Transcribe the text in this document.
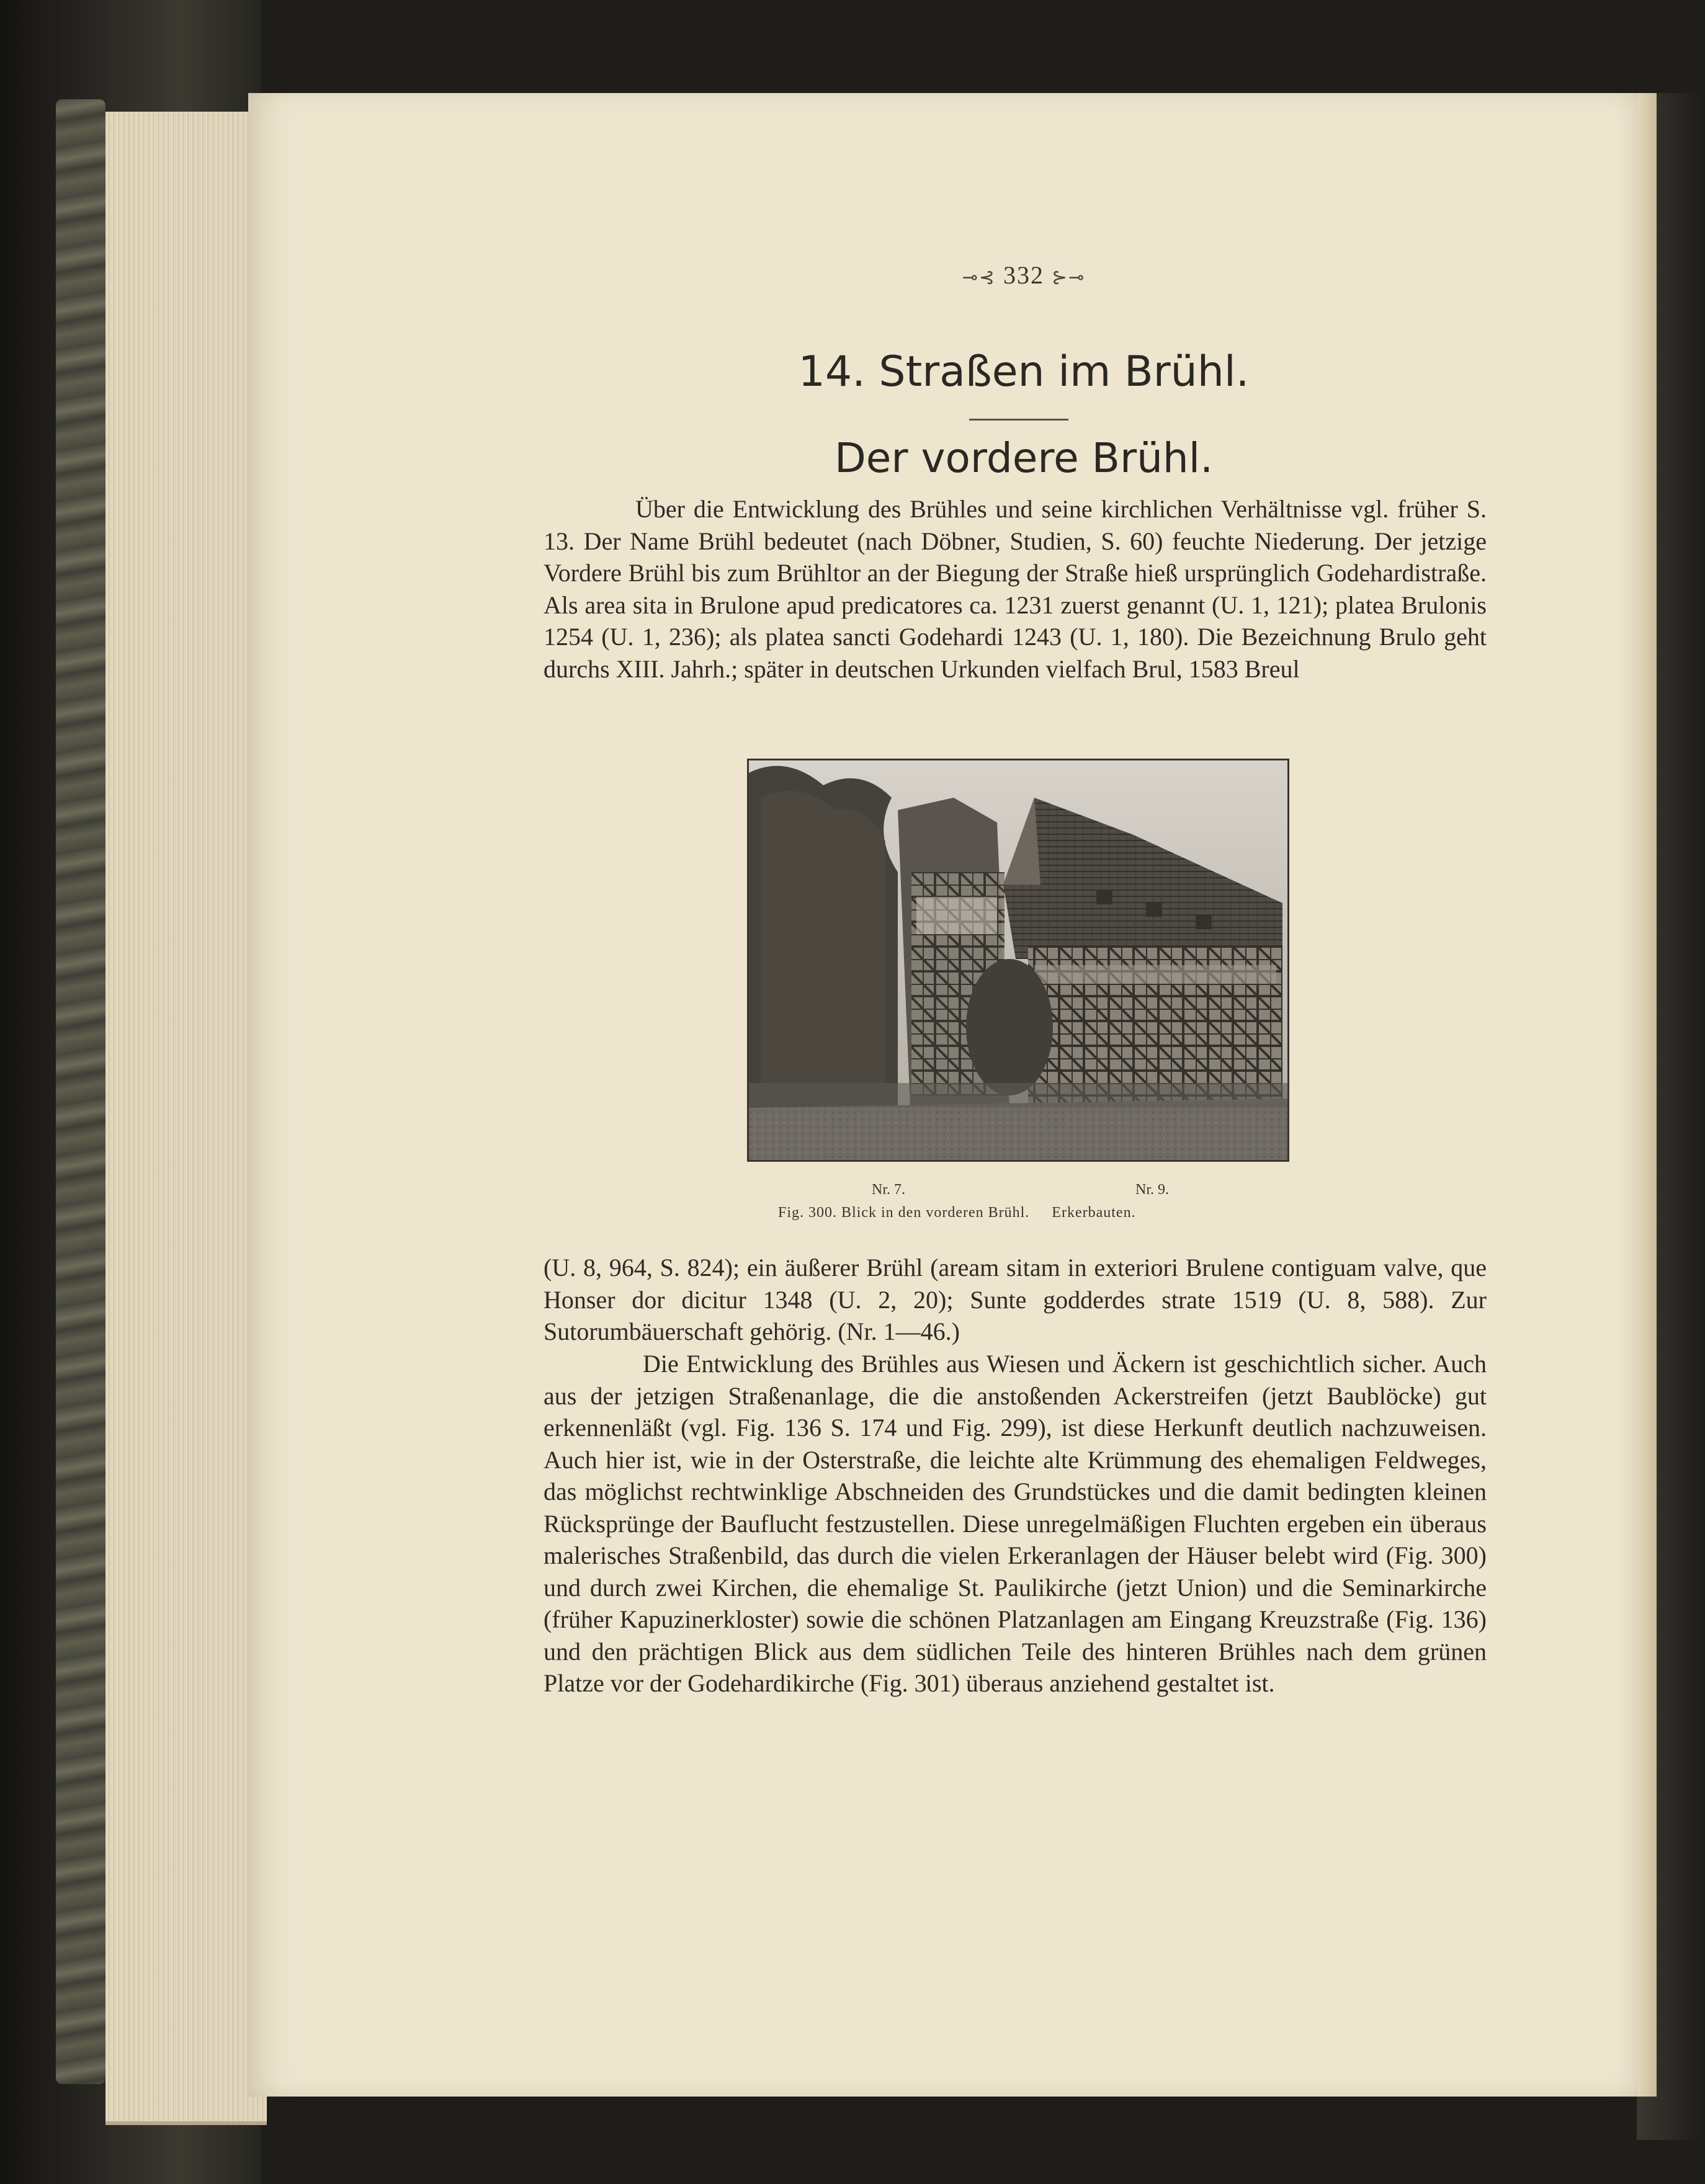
⊸⊰ 332 ⊱⊸
14. Straßen im Brühl.
Der vordere Brühl.

Über die Entwicklung des Brühles und seine kirchlichen Verhältnisse vgl. früher S. 13. Der Name Brühl bedeutet (nach Döbner, Studien, S. 60) feuchte Niederung. Der jetzige Vordere Brühl bis zum Brühltor an der Biegung der Straße hieß ursprünglich Godehardistraße. Als area sita in Brulone apud predicatores ca. 1231 zuerst genannt (U. 1, 121); platea Brulonis 1254 (U. 1, 236); als platea sancti Godehardi 1243 (U. 1, 180). Die Bezeichnung Brulo geht durchs XIII. Jahrh.; später in deutschen Urkunden vielfach Brul, 1583 Breul

Nr. 7.	Nr. 9.
Fig. 300. Blick in den vorderen Brühl. Erkerbauten.

(U. 8, 964, S. 824); ein äußerer Brühl (aream sitam in exteriori Brulene contiguam valve, que Honser dor dicitur 1348 (U. 2, 20); Sunte godderdes strate 1519 (U. 8, 588). Zur Sutorumbäuerschaft gehörig. (Nr. 1—46.)

Die Entwicklung des Brühles aus Wiesen und Äckern ist geschichtlich sicher. Auch aus der jetzigen Straßenanlage, die die anstoßenden Ackerstreifen (jetzt Baublöcke) gut erkennenläßt (vgl. Fig. 136 S. 174 und Fig. 299), ist diese Herkunft deutlich nachzuweisen. Auch hier ist, wie in der Osterstraße, die leichte alte Krümmung des ehemaligen Feldweges, das möglichst rechtwinklige Abschneiden des Grundstückes und die damit bedingten kleinen Rücksprünge der Bauflucht festzustellen. Diese unregelmäßigen Fluchten ergeben ein überaus malerisches Straßenbild, das durch die vielen Erkeranlagen der Häuser belebt wird (Fig. 300) und durch zwei Kirchen, die ehemalige St. Paulikirche (jetzt Union) und die Seminarkirche (früher Kapuzinerkloster) sowie die schönen Platzanlagen am Eingang Kreuzstraße (Fig. 136) und den prächtigen Blick aus dem südlichen Teile des hinteren Brühles nach dem grünen Platze vor der Godehardikirche (Fig. 301) überaus anziehend gestaltet ist.
